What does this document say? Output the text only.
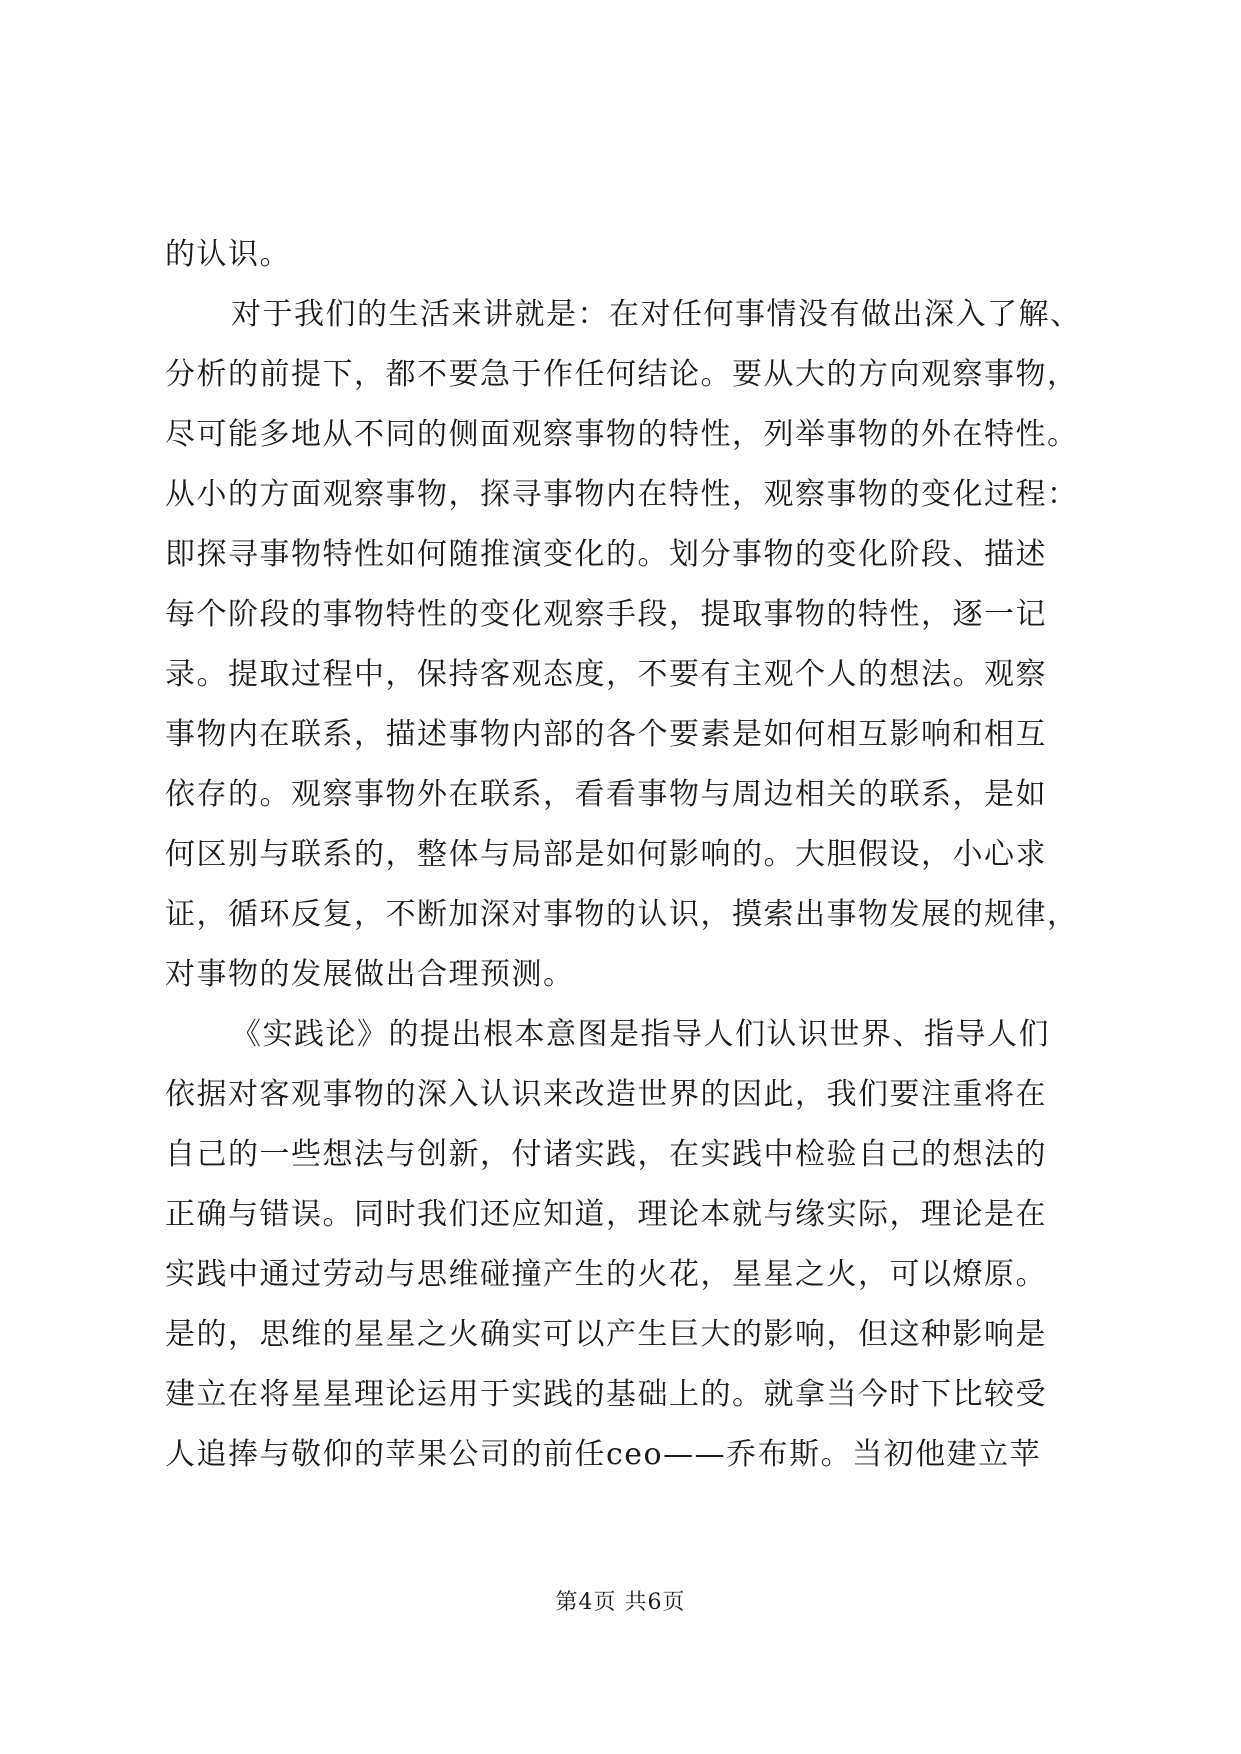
的认识。
对于我们的生活来讲就是：在对任何事情没有做出深入了解、
分析的前提下，都不要急于作任何结论。要从大的方向观察事物，
尽可能多地从不同的侧面观察事物的特性，列举事物的外在特性。
从小的方面观察事物，探寻事物内在特性，观察事物的变化过程：
即探寻事物特性如何随推演变化的。划分事物的变化阶段、描述
每个阶段的事物特性的变化观察手段，提取事物的特性，逐一记
录。提取过程中，保持客观态度，不要有主观个人的想法。观察
事物内在联系，描述事物内部的各个要素是如何相互影响和相互
依存的。观察事物外在联系，看看事物与周边相关的联系，是如
何区别与联系的，整体与局部是如何影响的。大胆假设，小心求
证，循环反复，不断加深对事物的认识，摸索出事物发展的规律，
对事物的发展做出合理预测。
《实践论》的提出根本意图是指导人们认识世界、指导人们
依据对客观事物的深入认识来改造世界的因此，我们要注重将在
自己的一些想法与创新，付诸实践，在实践中检验自己的想法的
正确与错误。同时我们还应知道，理论本就与缘实际，理论是在
实践中通过劳动与思维碰撞产生的火花，星星之火，可以燎原。
是的，思维的星星之火确实可以产生巨大的影响，但这种影响是
建立在将星星理论运用于实践的基础上的。就拿当今时下比较受
人追捧与敬仰的苹果公司的前任ceo——乔布斯。当初他建立苹
第4页 共6页
